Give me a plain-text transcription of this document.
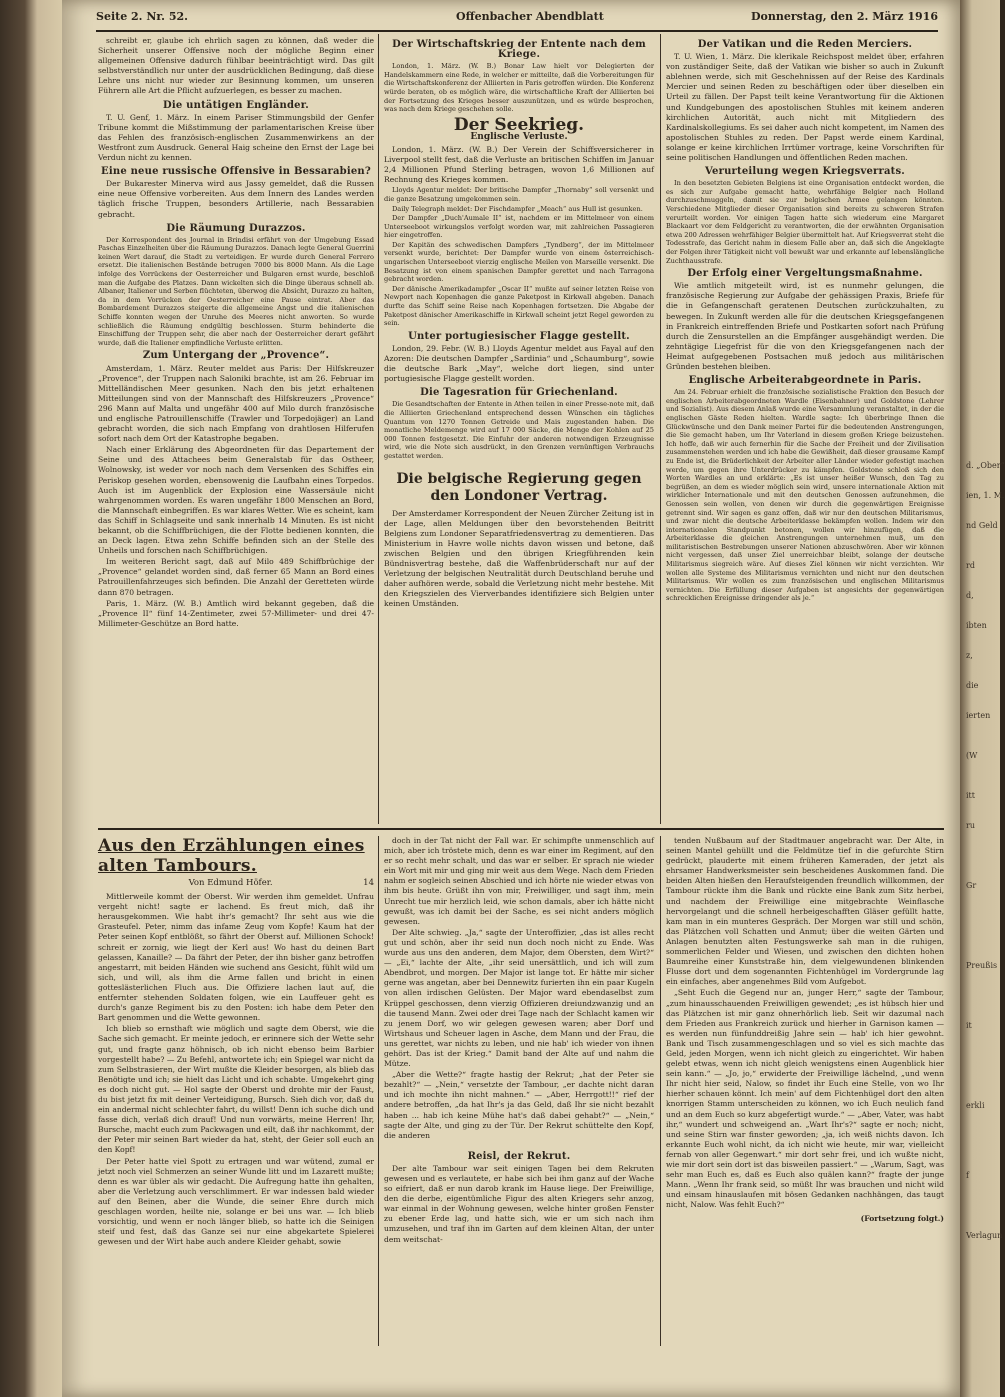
Seite 2. Nr. 52.	Offenbacher Abendblatt	Donnerstag, den 2. März 1916

schreibt er, glaube ich ehrlich sagen zu können, daß weder die Sicherheit unserer Offensive noch der mögliche Beginn einer allgemeinen Offensive dadurch fühlbar beeinträchtigt wird. Das gilt selbstverständlich nur unter der ausdrücklichen Bedingung, daß diese Lehre uns nicht nur wieder zur Besinnung kommen, um unseren Führern alle Art die Pflicht aufzuerlegen, es besser zu machen.

Die untätigen Engländer.

T. U. Genf, 1. März. In einem Pariser Stimmungsbild der Genfer Tribune kommt die Mißstimmung der parlamentarischen Kreise über das Fehlen des französisch-englischen Zusammenwirkens an der Westfront zum Ausdruck. General Haig scheine den Ernst der Lage bei Verdun nicht zu kennen.

Eine neue russische Offensive in Bessarabien?

Der Bukarester Minerva wird aus Jassy gemeldet, daß die Russen eine neue Offensive vorbereiten. Aus dem Innern des Landes werden täglich frische Truppen, besonders Artillerie, nach Bessarabien gebracht.

Die Räumung Durazzos.

Der Korrespondent des Journal in Brindisi erfährt von der Umgebung Essad Paschas Einzelheiten über die Räumung Durazzos. Danach legte General Guerrini keinen Wert darauf, die Stadt zu verteidigen. Er wurde durch General Ferrero ersetzt. Die italienischen Bestände betrugen 7000 bis 8000 Mann. Als die Lage infolge des Vorrückens der Oesterreicher und Bulgaren ernst wurde, beschloß man die Aufgabe des Platzes. Dann wickelten sich die Dinge überaus schnell ab. Albaner, Italiener und Serben flüchteten, überwog die Absicht, Durazzo zu halten, da in dem Vorrücken der Oesterreicher eine Pause eintrat. Aber das Bombardement Durazzos steigerte die allgemeine Angst und die italienischen Schiffe konnten wegen der Unruhe des Meeres nicht anworten. So wurde schließlich die Räumung endgültig beschlossen. Sturm behinderte die Einschiffung der Truppen sehr, die aber nach der Oesterreicher derart gefährt wurde, daß die Italiener empfindliche Verluste erlitten.

Zum Untergang der „Provence“.

Amsterdam, 1. März. Reuter meldet aus Paris: Der Hilfskreuzer „Provence“, der Truppen nach Saloniki brachte, ist am 26. Februar im Mittelländischen Meer gesunken. Nach den bis jetzt erhaltenen Mitteilungen sind von der Mannschaft des Hilfskreuzers „Provence“ 296 Mann auf Malta und ungefähr 400 auf Milo durch französische und englische Patrouillenschiffe (Trawler und Torpedojäger) an Land gebracht worden, die sich nach Empfang von drahtlosen Hilferufen sofort nach dem Ort der Katastrophe begaben.

Nach einer Erklärung des Abgeordneten für das Departement der Seine und des Attachees beim Generalstab für das Ostheer, Wolnowsky, ist weder vor noch nach dem Versenken des Schiffes ein Periskop gesehen worden, ebensowenig die Laufbahn eines Torpedos. Auch ist im Augenblick der Explosion eine Wassersäule nicht wahrgenommen worden. Es waren ungefähr 1800 Menschen an Bord, die Mannschaft einbegriffen. Es war klares Wetter. Wie es scheint, kam das Schiff in Schlagseite und sank innerhalb 14 Minuten. Es ist nicht bekannt, ob die Schiffbrüchigen, die der Flotte bedienen konnten, die an Deck lagen. Etwa zehn Schiffe befinden sich an der Stelle des Unheils und forschen nach Schiffbrüchigen.

Im weiteren Bericht sagt, daß auf Milo 489 Schiffbrüchige der „Provence“ gelandet worden sind, daß ferner 65 Mann an Bord eines Patrouillenfahrzeuges sich befinden. Die Anzahl der Geretteten würde dann 870 betragen.

Paris, 1. März. (W. B.) Amtlich wird bekannt gegeben, daß die „Provence II“ fünf 14-Zentimeter, zwei 57-Millimeter- und drei 47-Millimeter-Geschütze an Bord hatte.

Der Wirtschaftskrieg der Entente nach dem Kriege.

London, 1. März. (W. B.) Bonar Law hielt vor Delegierten der Handelskammern eine Rede, in welcher er mitteilte, daß die Vorbereitungen für die Wirtschaftskonferenz der Alliierten in Paris getroffen würden. Die Konferenz würde beraten, ob es möglich wäre, die wirtschaftliche Kraft der Alliierten bei der Fortsetzung des Krieges besser auszunützen, und es würde besprochen, was nach dem Kriege geschehen solle.

Der Seekrieg.
Englische Verluste.

London, 1. März. (W. B.) Der Verein der Schiffsversicherer in Liverpool stellt fest, daß die Verluste an britischen Schiffen im Januar 2,4 Millionen Pfund Sterling betragen, wovon 1,6 Millionen auf Rechnung des Krieges kommen.

Lloyds Agentur meldet: Der britische Dampfer „Thornaby“ soll versenkt und die ganze Besatzung umgekommen sein.

Daily Telegraph meldet: Der Fischdampfer „Meach“ aus Hull ist gesunken.

Der Dampfer „Duch'Aumale II“ ist, nachdem er im Mittelmeer von einem Unterseeboot wirkungslos verfolgt worden war, mit zahlreichen Passagieren hier eingetroffen.

Der Kapitän des schwedischen Dampfers „Tyndberg“, der im Mittelmeer versenkt wurde, berichtet: Der Dampfer wurde von einem österreichisch-ungarischen Unterseeboot vierzig englische Meilen von Marseille versenkt. Die Besatzung ist von einem spanischen Dampfer gerettet und nach Tarragona gebracht worden.

Der dänische Amerikadampfer „Oscar II“ mußte auf seiner letzten Reise von Newport nach Kopenhagen die ganze Paketpost in Kirkwall abgeben. Danach durfte das Schiff seine Reise nach Kopenhagen fortsetzen. Die Abgabe der Paketpost dänischer Amerikaschiffe in Kirkwall scheint jetzt Regel geworden zu sein.

Unter portugiesischer Flagge gestellt.

London, 29. Febr. (W. B.) Lloyds Agentur meldet aus Fayal auf den Azoren: Die deutschen Dampfer „Sardinia“ und „Schaumburg“, sowie die deutsche Bark „May“, welche dort liegen, sind unter portugiesische Flagge gestellt worden.

Die Tagesration für Griechenland.

Die Gesandtschaften der Entente in Athen teilen in einer Presse-note mit, daß die Alliierten Griechenland entsprechend dessen Wünschen ein tägliches Quantum von 1270 Tonnen Getreide und Mais zugestanden haben. Die monatliche Meldemenge wird auf 17 000 Säcke, die Menge der Kohlen auf 25 000 Tonnen festgesetzt. Die Einfuhr der anderen notwendigen Erzeugnisse wird, wie die Note sich ausdrückt, in den Grenzen vernünftigen Verbrauchs gestattet werden.

Die belgische Regierung gegen den Londoner Vertrag.

Der Amsterdamer Korrespondent der Neuen Zürcher Zeitung ist in der Lage, allen Meldungen über den bevorstehenden Beitritt Belgiens zum Londoner Separatfriedensvertrag zu dementieren. Das Ministerium in Havre wolle nichts davon wissen und betone, daß zwischen Belgien und den übrigen Kriegführenden kein Bündnisvertrag bestehe, daß die Waffenbrüderschaft nur auf der Verletzung der belgischen Neutralität durch Deutschland beruhe und daher aufhören werde, sobald die Verletzung nicht mehr bestehe. Mit den Kriegszielen des Vierverbandes identifiziere sich Belgien unter keinen Umständen.

Der Vatikan und die Reden Merciers.

T. U. Wien, 1. März. Die klerikale Reichspost meldet über, erfahren von zuständiger Seite, daß der Vatikan wie bisher so auch in Zukunft ablehnen werde, sich mit Geschehnissen auf der Reise des Kardinals Mercier und seinen Reden zu beschäftigen oder über dieselben ein Urteil zu fällen. Der Papst teilt keine Verantwortung für die Aktionen und Kundgebungen des apostolischen Stuhles mit keinem anderen kirchlichen Autorität, auch nicht mit Mitgliedern des Kardinalskollegiums. Es sei daher auch nicht kompetent, im Namen des apostolischen Stuhles zu reden. Der Papst werde einem Kardinal, solange er keine kirchlichen Irrtümer vortrage, keine Vorschriften für seine politischen Handlungen und öffentlichen Reden machen.

Verurteilung wegen Kriegsverrats.

In den besetzten Gebieten Belgiens ist eine Organisation entdeckt worden, die es sich zur Aufgabe gemacht hatte, wehrfähige Belgier nach Holland durchzuschmuggeln, damit sie zur belgischen Armee gelangen könnten. Verschiedene Mitglieder dieser Organisation sind bereits zu schweren Strafen verurteilt worden. Vor einigen Tagen hatte sich wiederum eine Margaret Blackaart vor dem Feldgericht zu verantworten, die der erwähnten Organisation etwa 200 Adressen wehrfähiger Belgier übermittelt hat. Auf Kriegsverrat steht die Todesstrafe, das Gericht nahm in diesem Falle aber an, daß sich die Angeklagte der Folgen ihrer Tätigkeit nicht voll bewußt war und erkannte auf lebenslängliche Zuchthausstrafe.

Der Erfolg einer Vergeltungsmaßnahme.

Wie amtlich mitgeteilt wird, ist es nunmehr gelungen, die französische Regierung zur Aufgabe der gehässigen Praxis, Briefe für die in Gefangenschaft geratenen Deutschen zurückzuhalten, zu bewegen. In Zukunft werden alle für die deutschen Kriegsgefangenen in Frankreich eintreffenden Briefe und Postkarten sofort nach Prüfung durch die Zensurstellen an die Empfänger ausgehändigt werden. Die zehntägige Liegefrist für die von den Kriegsgefangenen nach der Heimat aufgegebenen Postsachen muß jedoch aus militärischen Gründen bestehen bleiben.

Englische Arbeiterabgeordnete in Paris.

Am 24. Februar erhielt die französische sozialistische Fraktion den Besuch der englischen Arbeiterabgeordneten Wardle (Eisenbahner) und Goldstone (Lehrer und Sozialist). Aus diesem Anlaß wurde eine Versammlung veranstaltet, in der die englischen Gäste Reden hielten. Wardle sagte: Ich überbringe Ihnen die Glückwünsche und den Dank meiner Partei für die bedeutenden Anstrengungen, die Sie gemacht haben, um Ihr Vaterland in diesem großen Kriege beizustehen. Ich hoffe, daß wir auch fernerhin für die Sache der Freiheit und der Zivilisation zusammenstehen werden und ich habe die Gewißheit, daß dieser grausame Kampf zu Ende ist, die Brüderlichkeit der Arbeiter aller Länder wieder gefestigt machen werde, um gegen ihre Unterdrücker zu kämpfen. Goldstone schloß sich den Worten Wardles an und erklärte: „Es ist unser heißer Wunsch, den Tag zu begrüßen, an dem es wieder möglich sein wird, unsere internationale Aktion mit wirklicher Internationale und mit den deutschen Genossen aufzunehmen, die Genossen sein wollen, von denen wir durch die gegenwärtigen Ereignisse getrennt sind. Wir sagen es ganz offen, daß wir nur den deutschen Militarismus, und zwar nicht die deutsche Arbeiterklasse bekämpfen wollen. Indem wir den internationalen Standpunkt betonen, wollen wir hinzufügen, daß die Arbeiterklasse die gleichen Anstrengungen unternehmen muß, um den militaristischen Bestrebungen unserer Nationen abzuschwören. Aber wir können nicht vergessen, daß unser Ziel unerreichbar bleibt, solange der deutsche Militarismus siegreich wäre. Auf dieses Ziel können wir nicht verzichten. Wir wollen alle Systeme des Militarismus vernichten und nicht nur den deutschen Militarismus. Wir wollen es zum französischen und englischen Militarismus vernichten. Die Erfüllung dieser Aufgaben ist angesichts der gegenwärtigen schrecklichen Ereignisse dringender als je.“

Aus den Erzählungen eines alten Tambours.
Von Edmund Höfer.	14

Mittlerweile kommt der Oberst. Wir werden ihm gemeldet. Unfrau vergeht nicht! sagte er lachend. Es freut mich, daß ihr herausgekommen. Wie habt ihr's gemacht? Ihr seht aus wie die Grasteufel. Peter, nimm das infame Zeug vom Kopfe! Kaum hat der Peter seinen Kopf entblößt, so fährt der Oberst auf. Millionen Schock! schreit er zornig, wie liegt der Kerl aus! Wo hast du deinen Bart gelassen, Kanaille? — Da fährt der Peter, der ihn bisher ganz betroffen angestarrt, mit beiden Händen wie suchend ans Gesicht, fühlt wild um sich, und will, als ihm die Arme fallen und bricht in einen gotteslästerlichen Fluch aus. Die Offiziere lachen laut auf, die entfernter stehenden Soldaten folgen, wie ein Lauffeuer geht es durch's ganze Regiment bis zu den Posten: ich habe dem Peter den Bart genommen und die Wette gewonnen.

Ich blieb so ernsthaft wie möglich und sagte dem Oberst, wie die Sache sich gemacht. Er meinte jedoch, er erinnere sich der Wette sehr gut, und fragte ganz höhnisch, ob ich nicht ebenso beim Barbier vorgestellt habe? — Zu Befehl, antwortete ich; ein Spiegel war nicht da zum Selbstrasieren, der Wirt mußte die Kleider besorgen, als blieb das Benötigte und ich; sie hielt das Licht und ich schabte. Umgekehrt ging es doch nicht gut. — Hol sagte der Oberst und drohte mir der Faust, du bist jetzt fix mit deiner Verteidigung, Bursch. Sieh dich vor, daß du ein andermal nicht schlechter fahrt, du willst! Denn ich suche dich und fasse dich, verlaß dich drauf! Und nun vorwärts, meine Herren! Ihr, Bursche, macht euch zum Packwagen und eilt, daß ihr nachkommt, der der Peter mir seinen Bart wieder da hat, steht, der Geier soll euch an den Kopf!

Der Peter hatte viel Spott zu ertragen und war wütend, zumal er jetzt noch viel Schmerzen an seiner Wunde litt und im Lazarett mußte; denn es war übler als wir gedacht. Die Aufregung hatte ihn gehalten, aber die Verletzung auch verschlimmert. Er war indessen bald wieder auf den Beinen, aber die Wunde, die seiner Ehre durch mich geschlagen worden, heilte nie, solange er bei uns war. — Ich blieb vorsichtig, und wenn er noch länger blieb, so hatte ich die Seinigen steif und fest, daß das Ganze sei nur eine abgekartete Spielerei gewesen und der Wirt habe auch andere Kleider gehabt, sowie

doch in der Tat nicht der Fall war. Er schimpfte unmenschlich auf mich, aber ich tröstete mich, denn es war einer im Regiment, auf den er so recht mehr schalt, und das war er selber. Er sprach nie wieder ein Wort mit mir und ging mir weit aus dem Wege. Nach dem Frieden nahm er sogleich seinen Abschied und ich hörte nie wieder etwas von ihm bis heute. Grüßt ihn von mir, Freiwilliger, und sagt ihm, mein Unrecht tue mir herzlich leid, wie schon damals, aber ich hätte nicht gewußt, was ich damit bei der Sache, es sei nicht anders möglich gewesen.

Der Alte schwieg. „Ja,“ sagte der Unteroffizier, „das ist alles recht gut und schön, aber ihr seid nun doch noch nicht zu Ende. Was wurde aus uns den anderen, dem Major, dem Obersten, dem Wirt?“ — „Ei,“ lachte der Alte, „ihr seid unersättlich, und ich will zum Abendbrot, und morgen. Der Major ist lange tot. Er hätte mir sicher gerne was angetan, aber bei Dennewitz furierten ihn ein paar Kugeln von allen irdischen Gelüsten. Der Major ward ebendaselbst zum Krüppel geschossen, denn vierzig Offizieren dreiundzwanzig und an die tausend Mann. Zwei oder drei Tage nach der Schlacht kamen wir zu jenem Dorf, wo wir gelegen gewesen waren; aber Dorf und Wirtshaus und Scheuer lagen in Asche, dem Mann und der Frau, die uns gerettet, war nichts zu leben, und nie hab' ich wieder von ihnen gehört. Das ist der Krieg.“ Damit band der Alte auf und nahm die Mütze.

„Aber die Wette?“ fragte hastig der Rekrut; „hat der Peter sie bezahlt?“ — „Nein,“ versetzte der Tambour, „er dachte nicht daran und ich mochte ihn nicht mahnen.“ — „Aber, Herrgott!!“ rief der andere betroffen, „da hat Ihr's ja das Geld, daß Ihr sie nicht bezahlt haben ... hab ich keine Mühe hat's daß dabei gehabt?“ — „Nein,“ sagte der Alte, und ging zu der Tür. Der Rekrut schüttelte den Kopf, die anderen

Reisl, der Rekrut.

Der alte Tambour war seit einigen Tagen bei dem Rekruten gewesen und es verlautete, er habe sich bei ihm ganz auf der Wache so eifriert, daß er nun darob krank im Hause liege. Der Freiwillige, den die derbe, eigentümliche Figur des alten Kriegers sehr anzog, war einmal in der Wohnung gewesen, welche hinter großen Fenster zu ebener Erde lag, und hatte sich, wie er um sich nach ihm umzusehen, und traf ihn im Garten auf dem kleinen Altan, der unter dem weitschat-

tenden Nußbaum auf der Stadtmauer angebracht war. Der Alte, in seinen Mantel gehüllt und die Feldmütze tief in die gefurchte Stirn gedrückt, plauderte mit einem früheren Kameraden, der jetzt als ehrsamer Handwerksmeister sein bescheidenes Auskommen fand. Die beiden Alten hießen den Heraufsteigenden freundlich willkommen, der Tambour rückte ihm die Bank und rückte eine Bank zum Sitz herbei, und nachdem der Freiwillige eine mitgebrachte Weinflasche hervorgelangt und die schnell herbeigeschafften Gläser gefüllt hatte, kam man in ein munteres Gespräch. Der Morgen war still und schön, das Plätzchen voll Schatten und Anmut; über die weiten Gärten und Anlagen benutzten alten Festungswerke sah man in die ruhigen, sommerlichen Felder und Wiesen, und zwischen den dichten hohen Baumreihe einer Kunststraße hin, dem vielgewundenen blinkenden Flusse dort und dem sogenannten Fichtenhügel im Vordergrunde lag ein einfaches, aber angenehmes Bild vom Aufgebot.

„Seht Euch die Gegend nur an, junger Herr,“ sagte der Tambour, „zum hinausschauenden Freiwilligen gewendet; „es ist hübsch hier und das Plätzchen ist mir ganz ohnerhörlich lieb. Seit wir dazumal nach dem Frieden aus Frankreich zurück und hierher in Garnison kamen — es werden nun fünfunddreißig Jahre sein — hab' ich hier gewohnt. Bank und Tisch zusammengeschlagen und so viel es sich machte das Geld, jeden Morgen, wenn ich nicht gleich zu eingerichtet. Wir haben gelebt etwas, wenn ich nicht gleich wenigstens einen Augenblick hier sein kann.“ — „Jo, jo,“ erwiderte der Freiwillige lächelnd, „und wenn Ihr nicht hier seid, Nalow, so findet ihr Euch eine Stelle, von wo Ihr hierher schauen könnt. Ich mein' auf dem Fichtenhügel dort den alten knorrigen Stamm unterscheiden zu können, wo ich Euch neulich fand und an dem Euch so kurz abgefertigt wurde.“ — „Aber, Vater, was habt ihr,“ wundert und schweigend an. „Wart Ihr's?“ sagte er noch; nicht, und seine Stirn war finster geworden; „ja, ich weiß nichts davon. Ich erkannte Euch wohl nicht, da ich nicht wie heute, mir war, vielleicht fernab von aller Gegenwart.“ mir dort sehr frei, und ich wußte nicht, wie mir dort sein dort ist das bisweilen passiert.“ — „Warum, Sagt, was sehr man Euch es, daß es Euch also quälen kann?“ fragte der junge Mann. „Wenn Ihr frank seid, so müßt Ihr was brauchen und nicht wild und einsam hinauslaufen mit bösen Gedanken nachhängen, das taugt nicht, Nalow. Was fehlt Euch?“

(Fortsetzung folgt.)
d. „Ober“
ien, 1. M.
nd Geld
rd
d,
ibten
z,
die
ierten
(W
itt
ru
Gr
Preußis
it
erkli
f
Verlagun
